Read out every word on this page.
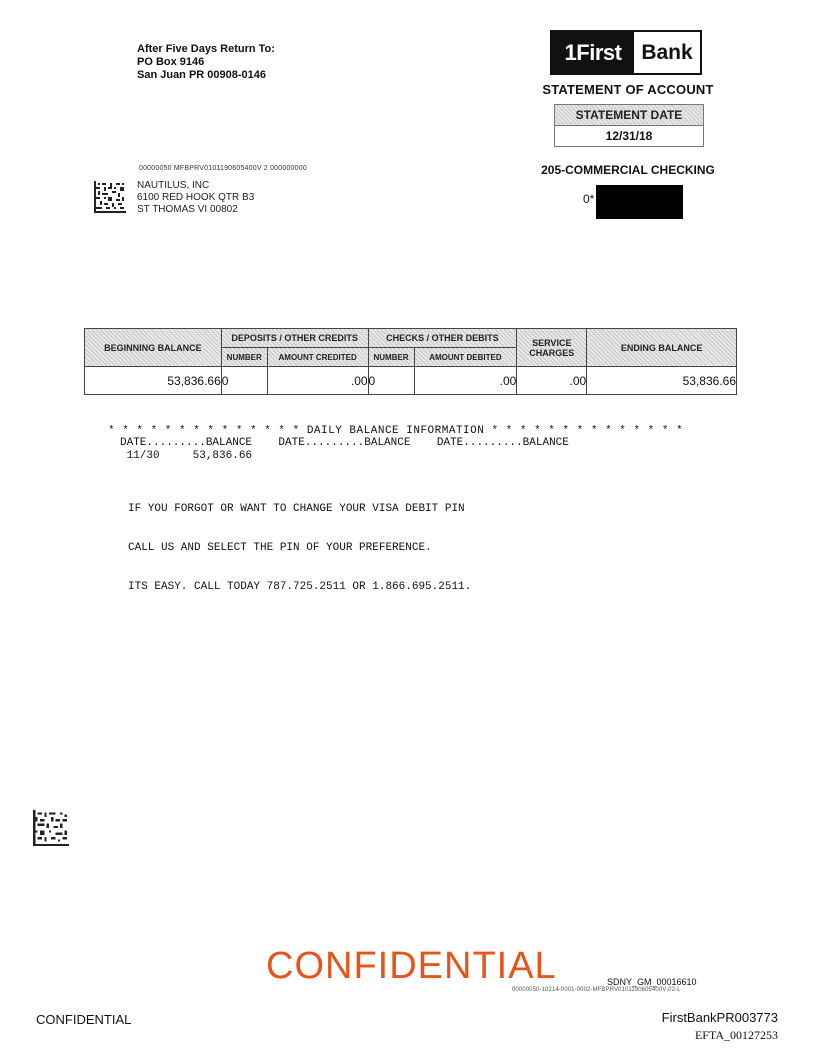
After Five Days Return To:
PO Box 9146
San Juan PR 00908-0146
1First Bank
STATEMENT OF ACCOUNT
STATEMENT DATE
12/31/18
205-COMMERCIAL CHECKING
0*
00000050 MFBPRV0101190605400V 2 000000000
NAUTILUS, INC
6100 RED HOOK QTR B3
ST THOMAS VI 00802
BEGINNING BALANCE	DEPOSITS / OTHER CREDITS		CHECKS / OTHER DEBITS		SERVICE CHARGES	ENDING BALANCE
	NUMBER	AMOUNT CREDITED	NUMBER	AMOUNT DEBITED		
53,836.66	0	.00	0	.00	.00	53,836.66
* * * * * * * * * * * * * * DAILY BALANCE INFORMATION * * * * * * * * * * * * * *
DATE.........BALANCE    DATE.........BALANCE    DATE.........BALANCE
11/30     53,836.66

IF YOU FORGOT OR WANT TO CHANGE YOUR VISA DEBIT PIN

CALL US AND SELECT THE PIN OF YOUR PREFERENCE.

ITS EASY. CALL TODAY 787.725.2511 OR 1.866.695.2511.

CONFIDENTIAL	SDNY_GM_00016610
00000050-10214-0001-0002-MFBPRV0101190605400V-02-L
CONFIDENTIAL	FirstBankPR003773
EFTA_00127253
